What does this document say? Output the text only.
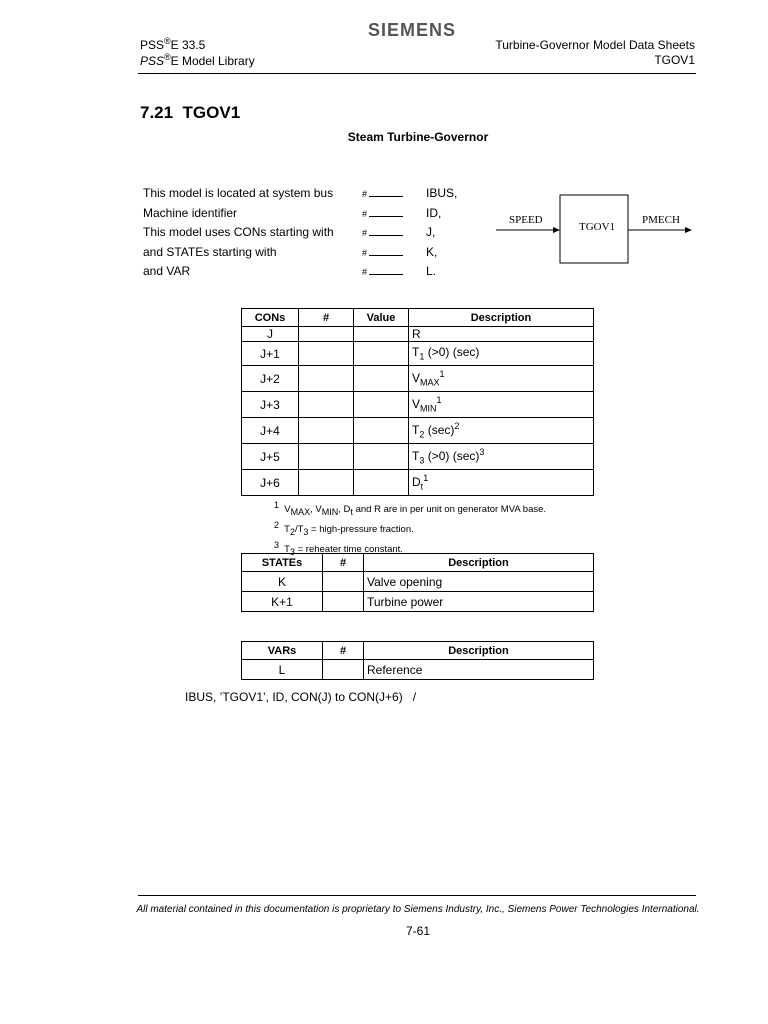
PSS®E 33.5
PSS®E Model Library
SIEMENS
Turbine-Governor Model Data Sheets
TGOV1
7.21 TGOV1
Steam Turbine-Governor
This model is located at system bus	#	IBUS,
Machine identifier	#	ID,
This model uses CONs starting with	#	J,
and STATEs starting with	#	K,
and VAR	#	L.
SPEED
TGOV1
PMECH
CONs	#	Value	Description
J			R
J+1			$T_1$ (>0) (sec)
J+2			$V_{MAX}^1$
J+3			$V_{MIN}^1$
J+4			$T_2$ $(\sec)^2$
J+5			$T_3$ (>0) $(\sec)^3$
J+6			$D_t^1$
1 $V_{MAX}$, $V_{MIN}$, $D_t$ and R are in per unit on generator MVA base.
2 $T_2/T_3$ = high-pressure fraction.
3 $T_3$ = reheater time constant.
STATEs	#	Description
K		Valve opening
K+1		Turbine power
VARs	#	Description
L		Reference
IBUS, ’TGOV1’, ID, CON(J) to CON(J+6)   /
All material contained in this documentation is proprietary to Siemens Industry, Inc., Siemens Power Technologies International.
7-61
